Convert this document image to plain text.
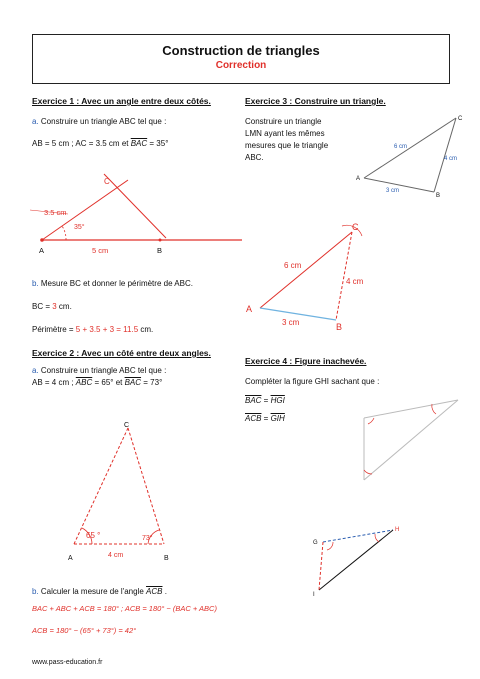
Construction de triangles
Correction
Exercice 1 : Avec un angle entre deux côtés.
a. Construire un triangle ABC tel que :
AB = 5 cm ; AC = 3.5 cm et $\overline{BAC} = 35^\circ$
35°
3.5 cm
5 cm
C
A	B
b. Mesure BC et donner le périmètre de ABC.
BC = 3 cm.
Périmètre = 5 + 3.5 + 3 = 11.5 cm.
Exercice 2 : Avec un côté entre deux angles.
a. Construire un triangle ABC tel que :
AB = 4 cm ; $\overline{ABC} = 65^\circ$ et $\overline{BAC} = 73^\circ$
C
A	B
65 °	73°
4 cm
b. Calculer la mesure de l'angle $\overline{ACB}$ .
BAC + ABC + ACB = 180° ; ACB = 180° − (BAC + ABC)
ACB = 180° − (65° + 73°) = 42°
Exercice 3 : Construire un triangle.
Construire un triangle
LMN ayant les mêmes
mesures que le triangle
ABC.
6 cm
4 cm
3 cm
A
B
C
6 cm
4 cm
3 cm
A
B
C
Exercice 4 : Figure inachevée.
Compléter la figure GHI sachant que :
$\overline{BAC} = \overline{HGI}$
$\overline{ACB} = \overline{GIH}$
G
H
I
www.pass-education.fr
